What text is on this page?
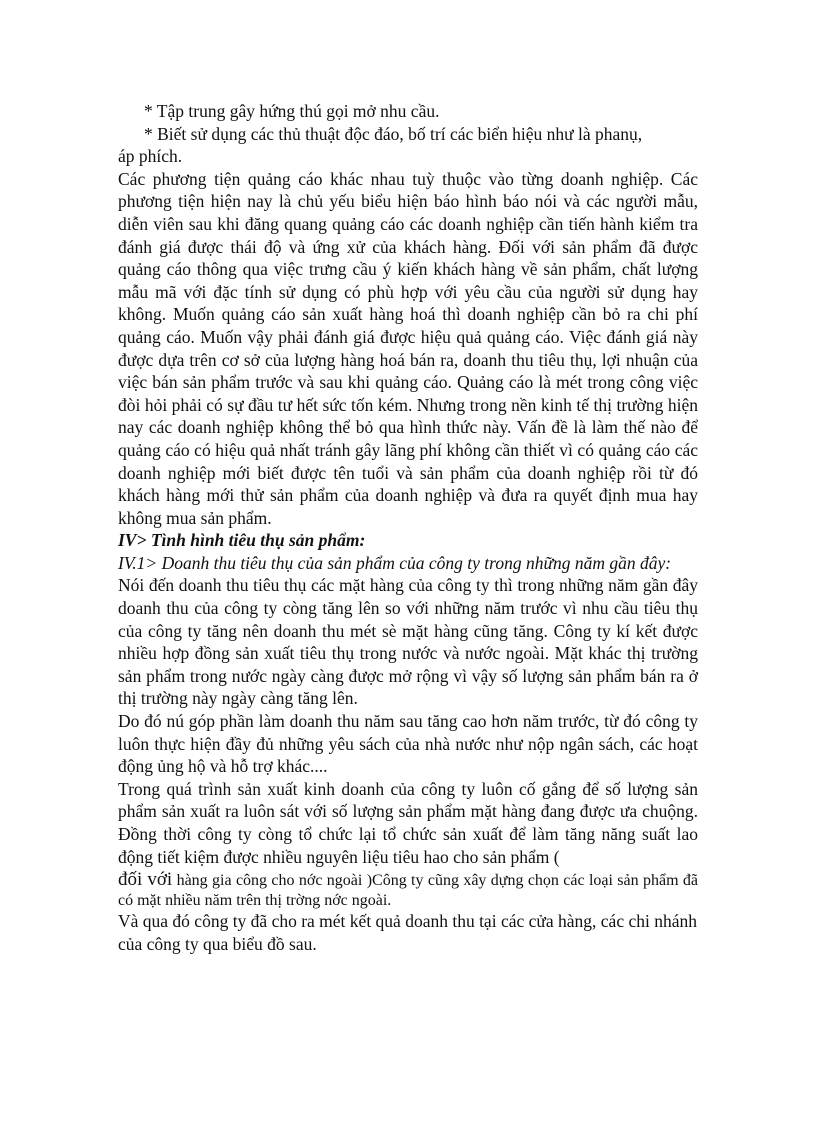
* Tập trung gây hứng thú gọi mở nhu cầu.

* Biết sử dụng các thủ thuật độc đáo, bố trí các biển hiệu như là phanụ,

áp phích.

Các phương tiện quảng cáo khác nhau tuỳ thuộc vào từng doanh nghiệp. Các phương tiện hiện nay là chủ yếu biểu hiện báo hình báo nói và các người mẫu, diễn viên sau khi đăng quang quảng cáo các doanh nghiệp cần tiến hành kiểm tra đánh giá được thái độ và ứng xử của khách hàng. Đối với sản phẩm đã được quảng cáo thông qua việc trưng cầu ý kiến khách hàng về sản phẩm, chất lượng mẫu mã với đặc tính sử dụng có phù hợp với yêu cầu của người sử dụng hay không. Muốn quảng cáo sản xuất hàng hoá thì doanh nghiệp cần bỏ ra chi phí quảng cáo. Muốn vậy phải đánh giá được hiệu quả quảng cáo. Việc đánh giá này được dựa trên cơ sở của lượng hàng hoá bán ra, doanh thu tiêu thụ, lợi nhuận của việc bán sản phẩm trước và sau khi quảng cáo. Quảng cáo là mét trong công việc đòi hỏi phải có sự đầu tư hết sức tốn kém. Nhưng trong nền kinh tế thị trường hiện nay các doanh nghiệp không thể bỏ qua hình thức này. Vấn đề là làm thế nào để quảng cáo có hiệu quả nhất tránh gây lãng phí không cần thiết vì có quảng cáo các doanh nghiệp mới biết được tên tuổi và sản phẩm của doanh nghiệp rồi từ đó khách hàng mới thử sản phẩm của doanh nghiệp và đưa ra quyết định mua hay không mua sản phẩm.

IV> Tình hình tiêu thụ sản phẩm:

IV.1> Doanh thu tiêu thụ của sản phẩm của công ty trong những năm gần đây:

Nói đến doanh thu tiêu thụ các mặt hàng của công ty thì trong những năm gần đây doanh thu của công ty còng tăng lên so với những năm trước vì nhu cầu tiêu thụ của công ty tăng nên doanh thu mét sè mặt hàng cũng tăng. Công ty kí kết được nhiều hợp đồng sản xuất tiêu thụ trong nước và nước ngoài. Mặt khác thị trường sản phẩm trong nước ngày càng được mở rộng vì vậy số lượng sản phẩm bán ra ở thị trường này ngày càng tăng lên.

Do đó nú góp phần làm doanh thu năm sau tăng cao hơn năm trước, từ đó công ty luôn thực hiện đầy đủ những yêu sách của nhà nước như nộp ngân sách, các hoạt động ủng hộ và hỗ trợ khác....

Trong quá trình sản xuất kinh doanh của công ty luôn cố gắng để số lượng sản phẩm sản xuất ra luôn sát với số lượng sản phẩm mặt hàng đang được ưa chuộng. Đồng thời công ty còng tổ chức lại tổ chức sản xuất để làm tăng năng suất lao động tiết kiệm được nhiều nguyên liệu tiêu hao cho sản phẩm (

đối với hàng gia công cho nớc ngoài )Công ty cũng xây dựng chọn các loại sản phẩm đã có mặt nhiều năm trên thị trờng nớc ngoài.

Và qua đó công ty đã cho ra mét kết quả doanh thu tại các cửa hàng, các chi nhánh của công ty qua biểu đồ sau.
